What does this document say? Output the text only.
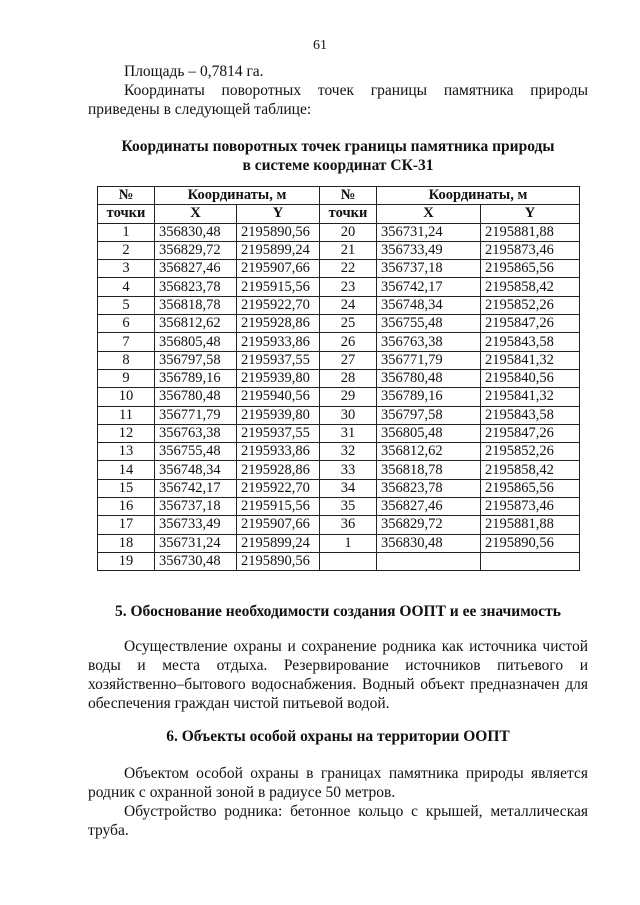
61
Площадь – 0,7814 га.
Координаты поворотных точек границы памятника природы
приведены в следующей таблице:
Координаты поворотных точек границы памятника природы
в системе координат СК-31
№	Координаты, м		№	Координаты, м	
точки	X	Y	точки	X	Y
1	356830,48	2195890,56	20	356731,24	2195881,88
2	356829,72	2195899,24	21	356733,49	2195873,46
3	356827,46	2195907,66	22	356737,18	2195865,56
4	356823,78	2195915,56	23	356742,17	2195858,42
5	356818,78	2195922,70	24	356748,34	2195852,26
6	356812,62	2195928,86	25	356755,48	2195847,26
7	356805,48	2195933,86	26	356763,38	2195843,58
8	356797,58	2195937,55	27	356771,79	2195841,32
9	356789,16	2195939,80	28	356780,48	2195840,56
10	356780,48	2195940,56	29	356789,16	2195841,32
11	356771,79	2195939,80	30	356797,58	2195843,58
12	356763,38	2195937,55	31	356805,48	2195847,26
13	356755,48	2195933,86	32	356812,62	2195852,26
14	356748,34	2195928,86	33	356818,78	2195858,42
15	356742,17	2195922,70	34	356823,78	2195865,56
16	356737,18	2195915,56	35	356827,46	2195873,46
17	356733,49	2195907,66	36	356829,72	2195881,88
18	356731,24	2195899,24	1	356830,48	2195890,56
19	356730,48	2195890,56			
5. Обоснование необходимости создания ООПТ и ее значимость
Осуществление охраны и сохранение родника как источника чистой воды и места отдыха. Резервирование источников питьевого и хозяйственно–бытового водоснабжения. Водный объект предназначен для обеспечения граждан чистой питьевой водой.
6. Объекты особой охраны на территории ООПТ
Объектом особой охраны в границах памятника природы является родник с охранной зоной в радиусе 50 метров.
Обустройство родника: бетонное кольцо с крышей, металлическая труба.
